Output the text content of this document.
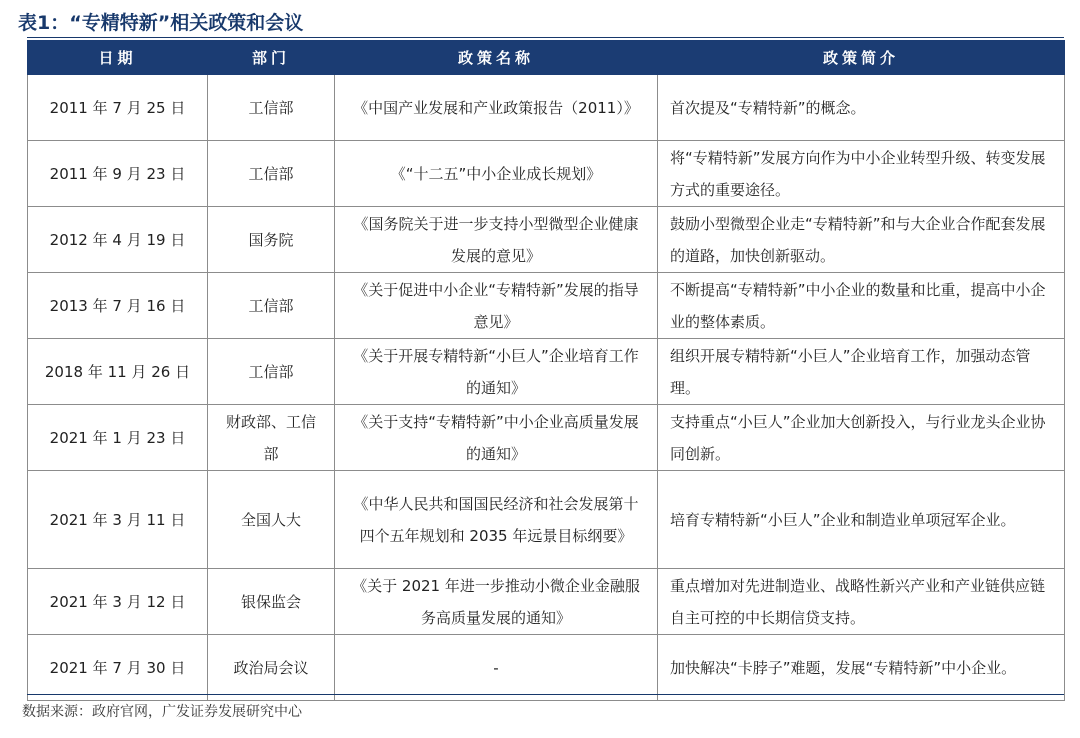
表1：“专精特新”相关政策和会议
日期	部门	政策名称	政策简介
2011 年 7 月 25 日	工信部	《中国产业发展和产业政策报告（2011）》	首次提及“专精特新”的概念。
2011 年 9 月 23 日	工信部	《“十二五”中小企业成长规划》	将“专精特新”发展方向作为中小企业转型升级、转变发展方式的重要途径。
2012 年 4 月 19 日	国务院	《国务院关于进一步支持小型微型企业健康发展的意见》	鼓励小型微型企业走“专精特新”和与大企业合作配套发展的道路，加快创新驱动。
2013 年 7 月 16 日	工信部	《关于促进中小企业“专精特新”发展的指导意见》	不断提高“专精特新”中小企业的数量和比重，提高中小企业的整体素质。
2018 年 11 月 26 日	工信部	《关于开展专精特新“小巨人”企业培育工作的通知》	组织开展专精特新“小巨人”企业培育工作，加强动态管理。
2021 年 1 月 23 日	财政部、工信部	《关于支持“专精特新”中小企业高质量发展的通知》	支持重点“小巨人”企业加大创新投入，与行业龙头企业协同创新。
2021 年 3 月 11 日	全国人大	《中华人民共和国国民经济和社会发展第十四个五年规划和 2035 年远景目标纲要》	培育专精特新“小巨人”企业和制造业单项冠军企业。
2021 年 3 月 12 日	银保监会	《关于 2021 年进一步推动小微企业金融服务高质量发展的通知》	重点增加对先进制造业、战略性新兴产业和产业链供应链自主可控的中长期信贷支持。
2021 年 7 月 30 日	政治局会议	-	加快解决“卡脖子”难题，发展“专精特新”中小企业。
数据来源：政府官网，广发证券发展研究中心
